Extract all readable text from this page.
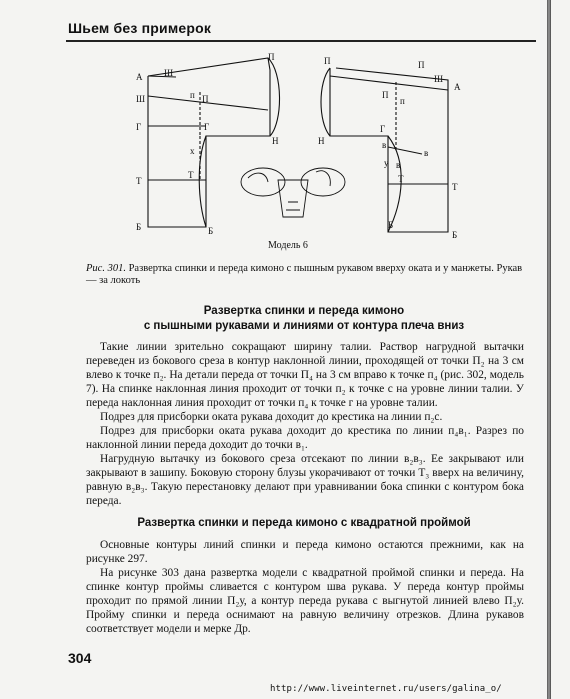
Шьем без примерок
А Ш
П
Ш	п П
Г	Г
х
Н
Т
Т
Б	Б
П	П
Ш
А
П
п
Н
Г
в
в
у в
Т
Т
Б
Б
Модель 6
Рис. 301. Развертка спинки и переда кимоно с пышным рукавом вверху оката и у манжеты. Рукав — за локоть
Развертка спинки и переда кимоно
с пышными рукавами и линиями от контура плеча вниз

Такие линии зрительно сокращают ширину талии. Раствор нагрудной вытачки переведен из бокового среза в контур наклонной линии, проходящей от точки П₂ на 3 см влево к точке п₂. На детали переда от точки П₄ на 3 см вправо к точке п₄ (рис. 302, модель 7). На спинке наклонная линия проходит от точки п₂ к точке с на уровне линии талии. У переда наклонная линия проходит от точки п₄ к точке г на уровне талии.

Подрез для присборки оката рукава доходит до крестика на линии п₂с.

Подрез для присборки оката рукава доходит до крестика по линии п₄в₁. Разрез по наклонной линии переда доходит до точки в₁.

Нагрудную вытачку из бокового среза отсекают по линии в₂в₃. Ее закрывают или закрывают в зашипу. Боковую сторону блузы укорачивают от точки Т₃ вверх на величину, равную в₂в₃. Такую перестановку делают при уравнивании бока спинки с контуром бока переда.

Развертка спинки и переда кимоно с квадратной проймой

Основные контуры линий спинки и переда кимоно остаются прежними, как на рисунке 297.

На рисунке 303 дана развертка модели с квадратной проймой спинки и переда. На спинке контур проймы сливается с контуром шва рукава. У переда контур проймы проходит по прямой линии П₂у, а контур переда рукава с выгнутой линией влево П₂у. Пройму спинки и переда оснимают на равную величину отрезков. Длина рукавов соответствует модели и мерке Др.

304
http://www.liveinternet.ru/users/galina_o/
